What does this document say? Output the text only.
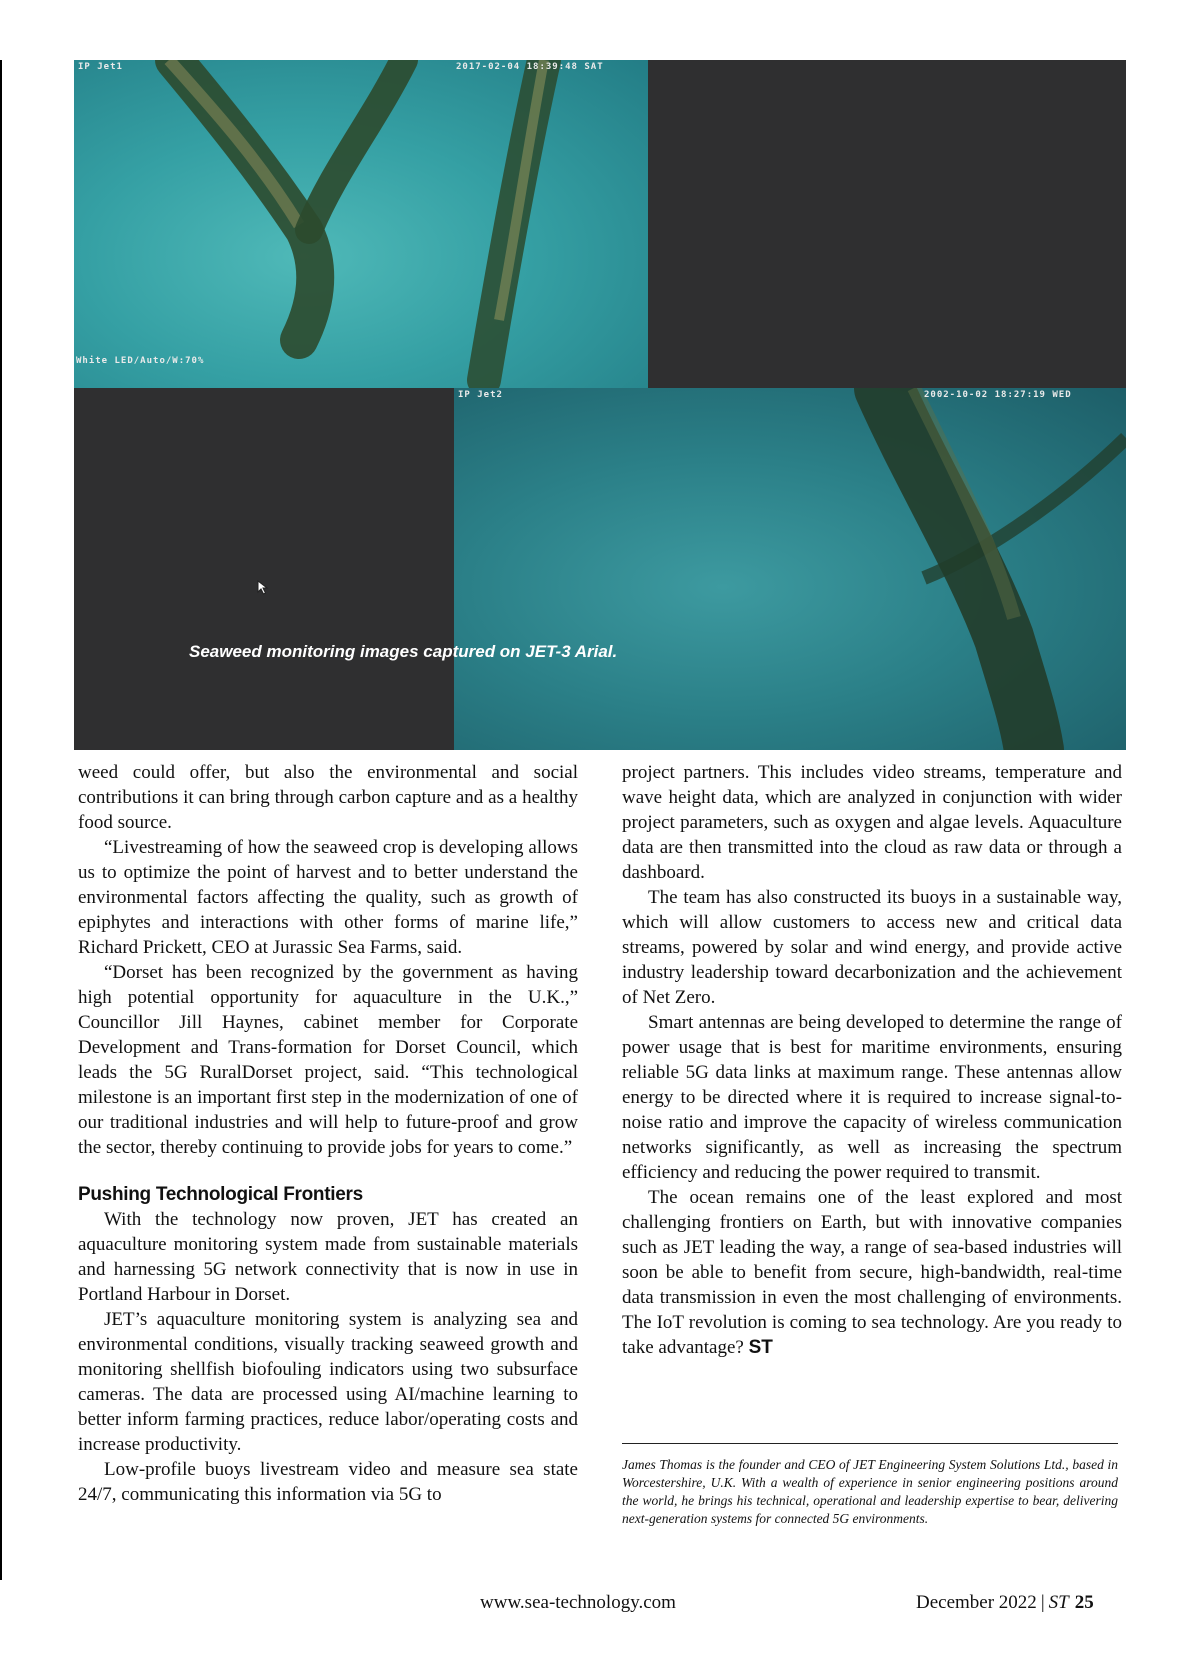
IP Jet1	2017-02-04 18:39:48 SAT
White LED/Auto/W:70%
IP Jet2	2002-10-02 18:27:19 WED
Seaweed monitoring images captured on JET-3 Arial.

weed could offer, but also the environmental and social contributions it can bring through carbon capture and as a healthy food source.

“Livestreaming of how the seaweed crop is developing allows us to optimize the point of harvest and to better understand the environmental factors affecting the quality, such as growth of epiphytes and interactions with other forms of marine life,” Richard Prickett, CEO at Jurassic Sea Farms, said.

“Dorset has been recognized by the government as having high potential opportunity for aquaculture in the U.K.,” Councillor Jill Haynes, cabinet member for Corporate Development and Trans-formation for Dorset Council, which leads the 5G RuralDorset project, said. “This technological milestone is an important first step in the modernization of one of our traditional industries and will help to future-proof and grow the sector, thereby continuing to provide jobs for years to come.”

Pushing Technological Frontiers

With the technology now proven, JET has created an aquaculture monitoring system made from sustainable materials and harnessing 5G network connectivity that is now in use in Portland Harbour in Dorset.

JET’s aquaculture monitoring system is analyzing sea and environmental conditions, visually tracking seaweed growth and monitoring shellfish biofouling indicators using two subsurface cameras. The data are processed using AI/machine learning to better inform farming practices, reduce labor/operating costs and increase productivity.

Low-profile buoys livestream video and measure sea state 24/7, communicating this information via 5G to

project partners. This includes video streams, temperature and wave height data, which are analyzed in conjunction with wider project parameters, such as oxygen and algae levels. Aquaculture data are then transmitted into the cloud as raw data or through a dashboard.

The team has also constructed its buoys in a sustainable way, which will allow customers to access new and critical data streams, powered by solar and wind energy, and provide active industry leadership toward decarbonization and the achievement of Net Zero.

Smart antennas are being developed to determine the range of power usage that is best for maritime environments, ensuring reliable 5G data links at maximum range. These antennas allow energy to be directed where it is required to increase signal-to-noise ratio and improve the capacity of wireless communication networks significantly, as well as increasing the spectrum efficiency and reducing the power required to transmit.

The ocean remains one of the least explored and most challenging frontiers on Earth, but with innovative companies such as JET leading the way, a range of sea-based industries will soon be able to benefit from secure, high-bandwidth, real-time data transmission in even the most challenging of environments. The IoT revolution is coming to sea technology. Are you ready to take advantage? ST

James Thomas is the founder and CEO of JET Engineering System Solutions Ltd., based in Worcestershire, U.K. With a wealth of experience in senior engineering positions around the world, he brings his technical, operational and leadership expertise to bear, delivering next-generation systems for connected 5G environments.
www.sea-technology.com	December 2022 | ST 25
